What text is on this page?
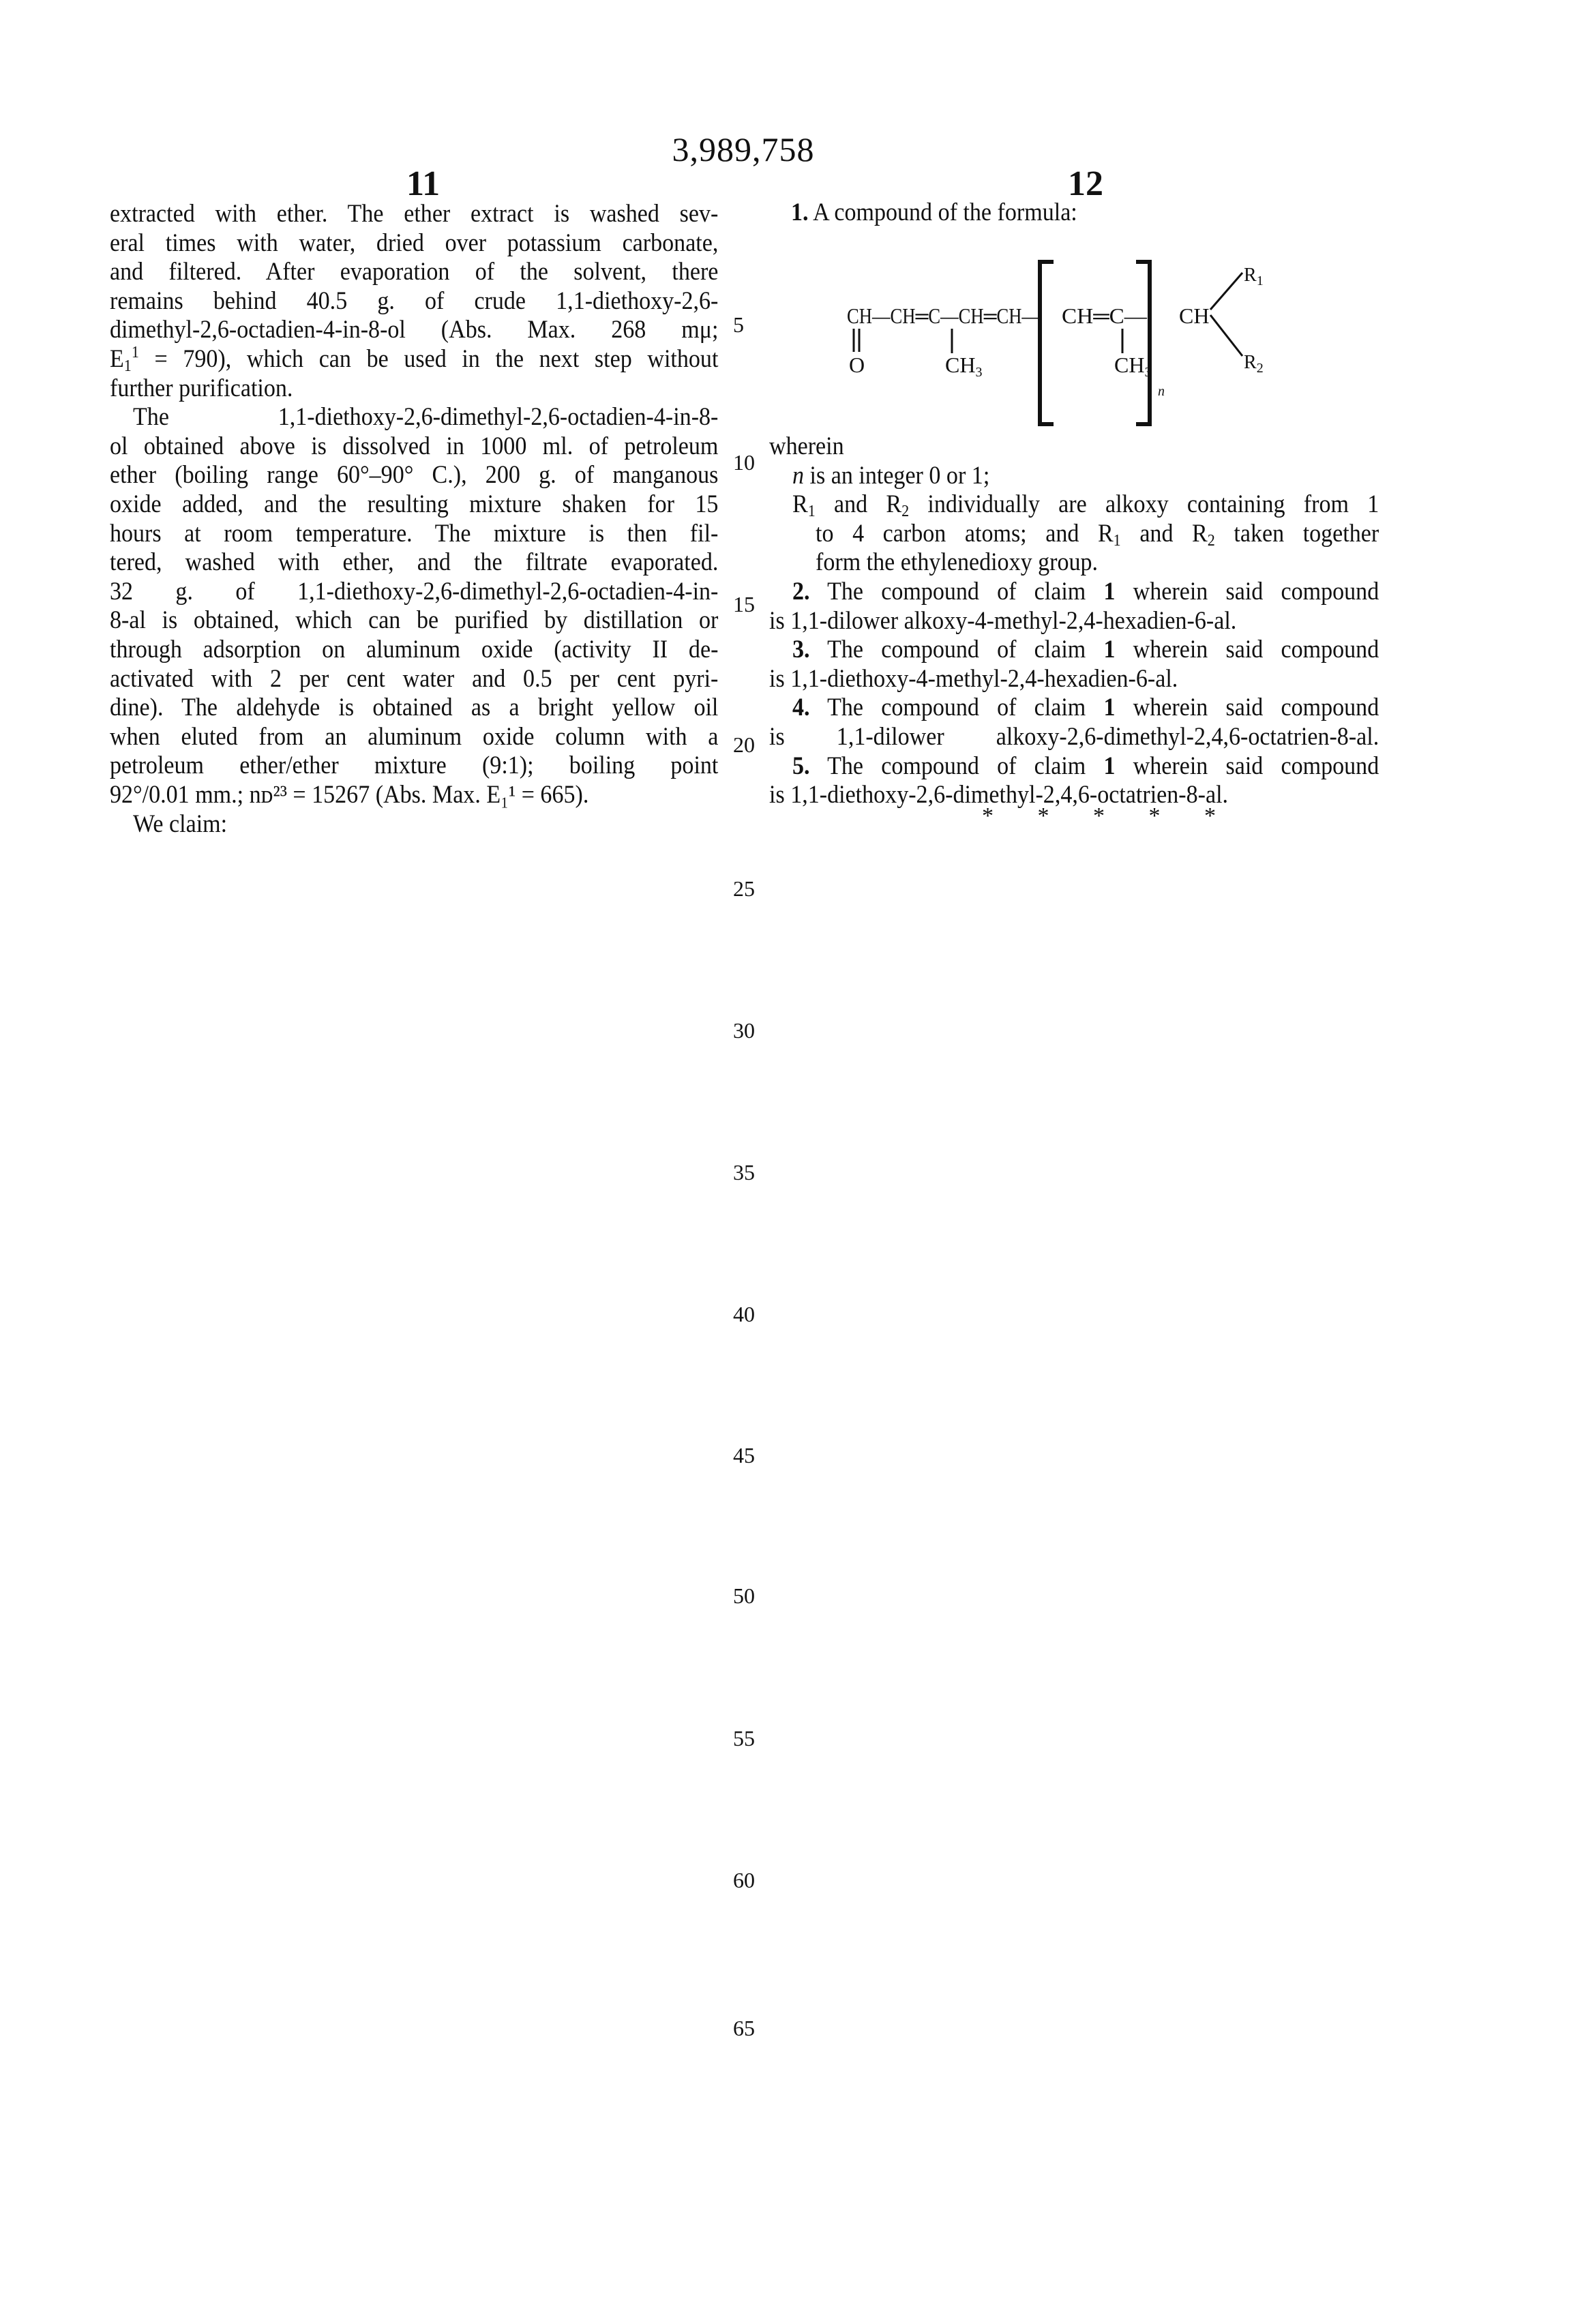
3,989,758
11	12
extracted with ether. The ether extract is washed sev-
eral times with water, dried over potassium carbonate,
and filtered. After evaporation of the solvent, there
remains behind 40.5 g. of crude 1,1-diethoxy-2,6-
dimethyl-2,6-octadien-4-in-8-ol (Abs. Max. 268 mμ;
E11 = 790), which can be used in the next step without
further purification.
The 1,1-diethoxy-2,6-dimethyl-2,6-octadien-4-in-8-
ol obtained above is dissolved in 1000 ml. of petroleum
ether (boiling range 60°–90° C.), 200 g. of manganous
oxide added, and the resulting mixture shaken for 15
hours at room temperature. The mixture is then fil-
tered, washed with ether, and the filtrate evaporated.
32 g. of 1,1-diethoxy-2,6-dimethyl-2,6-octadien-4-in-
8-al is obtained, which can be purified by distillation or
through adsorption on aluminum oxide (activity II de-
activated with 2 per cent water and 0.5 per cent pyri-
dine). The aldehyde is obtained as a bright yellow oil
when eluted from an aluminum oxide column with a
petroleum ether/ether mixture (9:1); boiling point
92°/0.01 mm.; nᴅ²³ = 15267 (Abs. Max. E₁¹ = 665).
We claim:
1. A compound of the formula:
CH—CH═C—CH═CH— CH═C— CH
O	CH3	CH3
n
R1
R2
wherein
n is an integer 0 or 1;
R1 and R2 individually are alkoxy containing from 1
to 4 carbon atoms; and R1 and R2 taken together
form the ethylenedioxy group.
2. The compound of claim 1 wherein said compound
is 1,1-dilower alkoxy-4-methyl-2,4-hexadien-6-al.
3. The compound of claim 1 wherein said compound
is 1,1-diethoxy-4-methyl-2,4-hexadien-6-al.
4. The compound of claim 1 wherein said compound
is 1,1-dilower alkoxy-2,6-dimethyl-2,4,6-octatrien-8-al.
5. The compound of claim 1 wherein said compound
is 1,1-diethoxy-2,6-dimethyl-2,4,6-octatrien-8-al.
* * * * *
5
10
15
20
25
30
35
40
45
50
55
60
65
